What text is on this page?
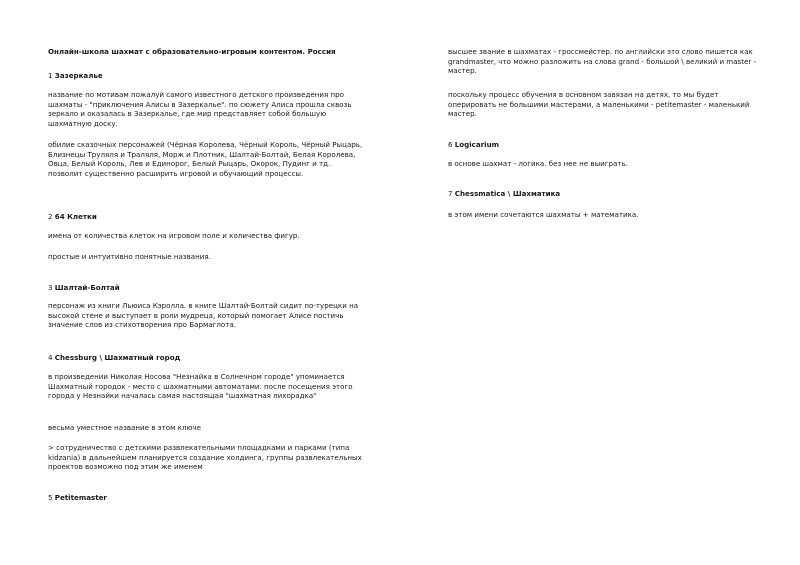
Онлайн-школа шахмат с образовательно-игровым контентом. Россия

1 Зазеркалье

название по мотивам пожалуй самого известного детского произведения про шахматы - "приключения Алисы в Зазеркалье". по сюжету Алиса прошла сквозь зеркало и оказалась в Зазеркалье, где мир представляет собой большую шахматную доску.

обилие сказочных персонажей (Чёрная Королева, Чёрный Король, Чёрный Рыцарь, Близнецы Труляля и Траляля, Морж и Плотник, Шалтай-Болтай, Белая Королева, Овца, Белый Король, Лев и Единорог, Белый Рыцарь, Окорок, Пудинг и тд. позволит существенно расширить игровой и обучающий процессы.

2 64 Клетки

имена от количества клеток на игровом поле и количества фигур.

простые и интуитивно понятные названия.

3 Шалтай-Болтай

персонаж из книги Льюиса Кэролла. в книге Шалтай-Болтай сидит по-турецки на высокой стене и выступает в роли мудреца, который помогает Алисе постичь значение слов из стихотворения про Бармаглота.

4 Chessburg \ Шахматный город

в произведении Николая Носова "Незнайка в Солнечном городе" упоминается Шахматный городок - место с шахматными автоматами. после посещения этого города у Незнайки началась самая настоящая "шахматная лихорадка"

весьма уместное название в этом ключе

> сотрудничество с детскими развлекательными площадками и парками (типа kidzania) в дальнейшем планируется создание холдинга, группы развлекательных проектов возможно под этим же именем

5 Petitemaster

высшее звание в шахматах - гроссмейстер. по английски это слово пишется как grandmaster, что можно разложить на слова grand - большой \ великий и master - мастер.

поскольку процесс обучения в основном завязан на детях, то мы будет оперировать не большими мастерами, а маленькими - petitemaster - маленький мастер.

6 Logicarium

в основе шахмат - логика. без нее не выиграть.

7 Chessmatica \ Шахматика

в этом имени сочетаются шахматы + математика.
